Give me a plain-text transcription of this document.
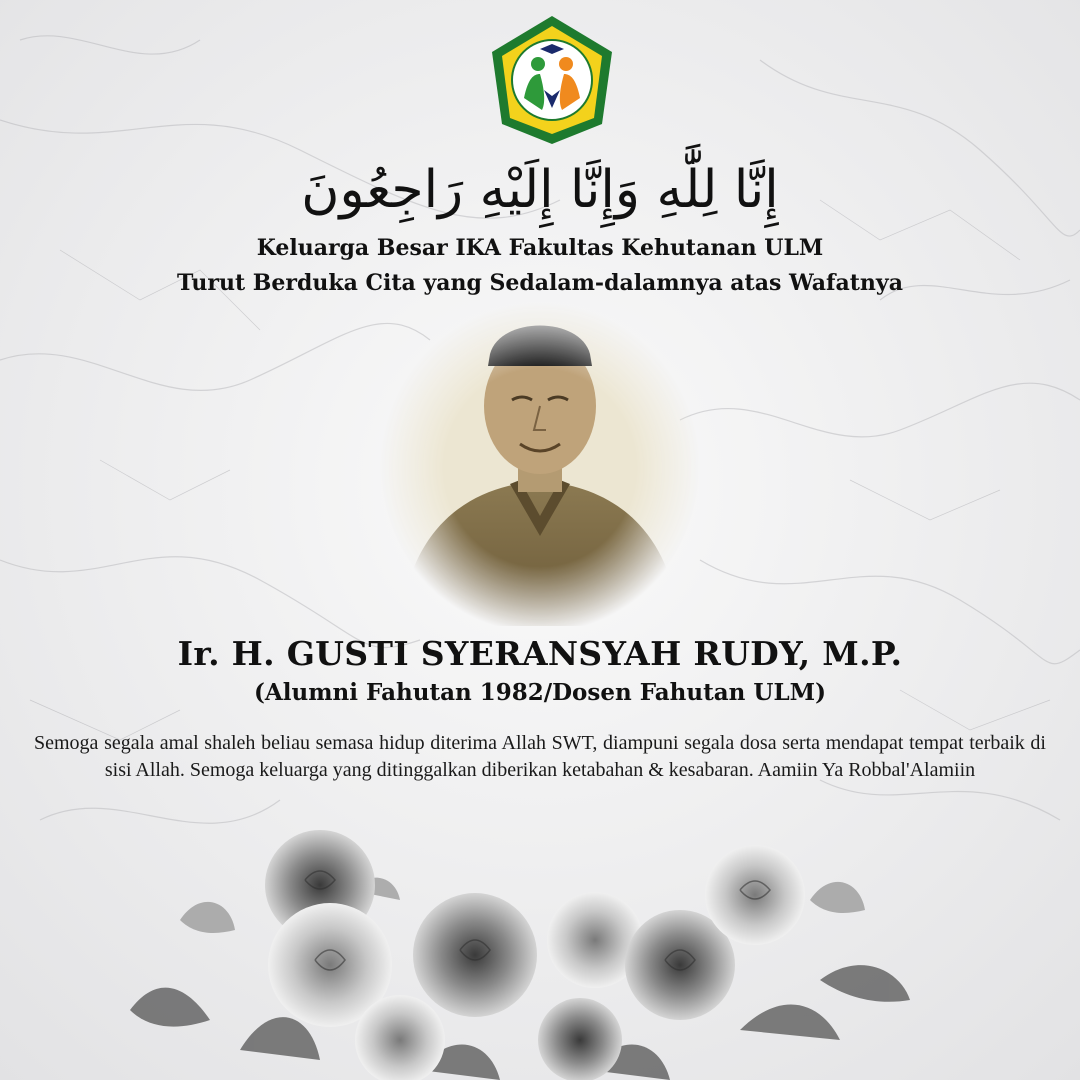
إِنَّا لِلَّٰهِ وَإِنَّا إِلَيْهِ رَاجِعُونَ
Keluarga Besar IKA Fakultas Kehutanan ULM
Turut Berduka Cita yang Sedalam-dalamnya atas Wafatnya
Ir. H. GUSTI SYERANSYAH RUDY, M.P.
(Alumni Fahutan 1982/Dosen Fahutan ULM)
Semoga segala amal shaleh beliau semasa hidup diterima Allah SWT, diampuni segala dosa serta mendapat tempat terbaik di sisi Allah. Semoga keluarga yang ditinggalkan diberikan ketabahan & kesabaran. Aamiin Ya Robbal'Alamiin
